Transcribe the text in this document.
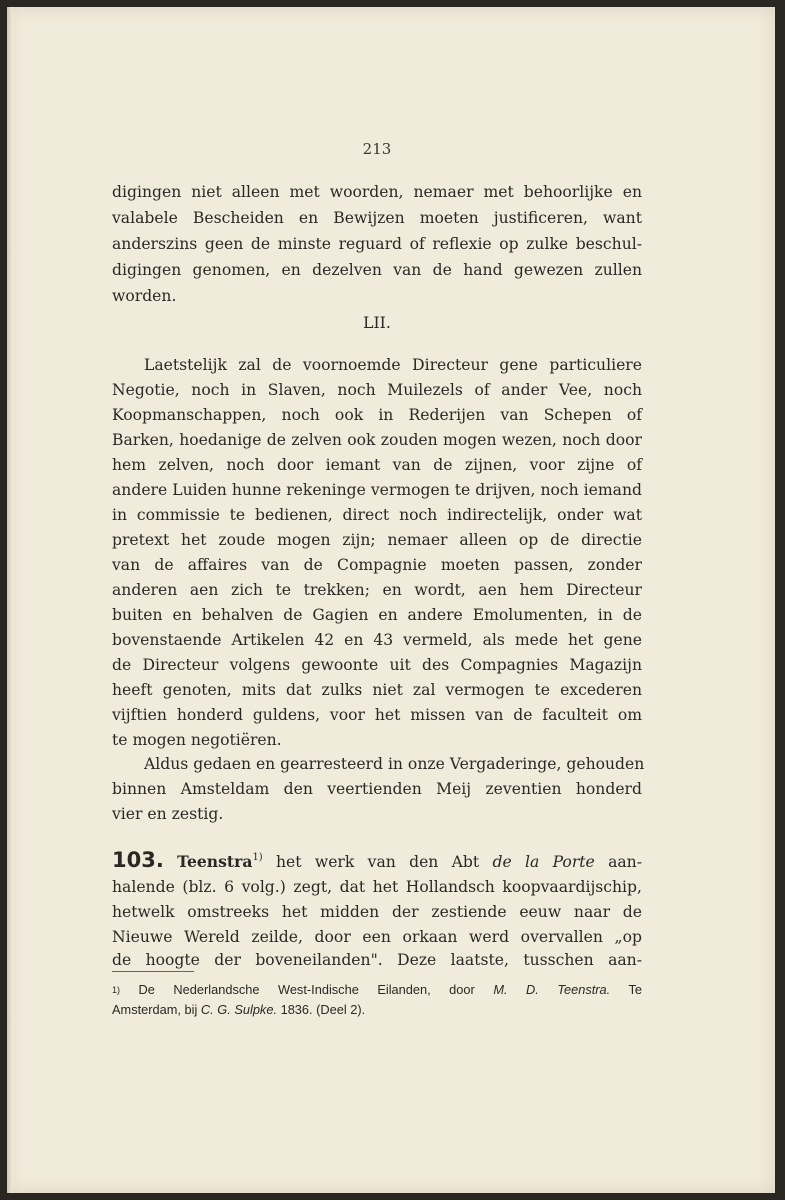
213
digingen niet alleen met woorden, nemaer met behoorlijke en
valabele Bescheiden en Bewijzen moeten justificeren, want
anderszins geen de minste reguard of reflexie op zulke beschul-
digingen genomen, en dezelven van de hand gewezen zullen
worden.
LII.
Laetstelijk zal de voornoemde Directeur gene particuliere
Negotie, noch in Slaven, noch Muilezels of ander Vee, noch
Koopmanschappen, noch ook in Rederijen van Schepen of
Barken, hoedanige de zelven ook zouden mogen wezen, noch door
hem zelven, noch door iemant van de zijnen, voor zijne of
andere Luiden hunne rekeninge vermogen te drijven, noch iemand
in commissie te bedienen, direct noch indirectelijk, onder wat
pretext het zoude mogen zijn; nemaer alleen op de directie
van de affaires van de Compagnie moeten passen, zonder
anderen aen zich te trekken; en wordt, aen hem Directeur
buiten en behalven de Gagien en andere Emolumenten, in de
bovenstaende Artikelen 42 en 43 vermeld, als mede het gene
de Directeur volgens gewoonte uit des Compagnies Magazijn
heeft genoten, mits dat zulks niet zal vermogen te excederen
vijftien honderd guldens, voor het missen van de faculteit om
te mogen negotiëren.
Aldus gedaen en gearresteerd in onze Vergaderinge, gehouden
binnen Amsteldam den veertienden Meij zeventien honderd
vier en zestig.
103. Teenstra$^{1)}$ het werk van den Abt de la Porte aan-
halende (blz. 6 volg.) zegt, dat het Hollandsch koopvaardijschip,
hetwelk omstreeks het midden der zestiende eeuw naar de
Nieuwe Wereld zeilde, door een orkaan werd overvallen „op
de hoogte der boveneilanden". Deze laatste, tusschen aan-
$^{1)}$ De Nederlandsche West-Indische Eilanden, door M. D. Teenstra. Te
Amsterdam, bij C. G. Sulpke. 1836. (Deel 2).
